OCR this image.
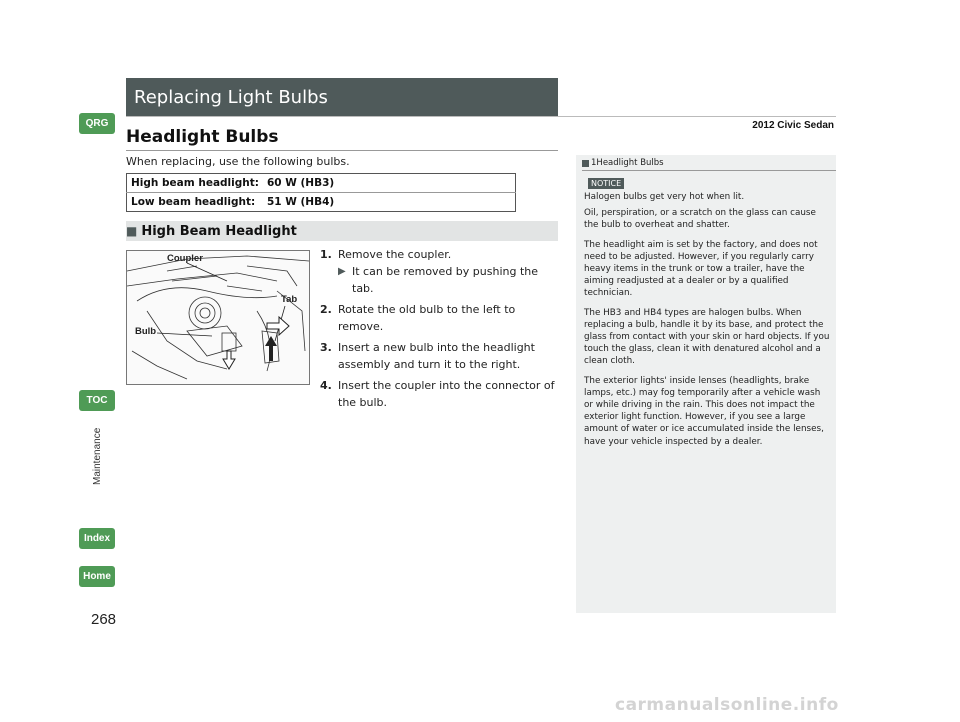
QRG
TOC
Maintenance
Index
Home
268
Replacing Light Bulbs
2012 Civic Sedan
Headlight Bulbs
When replacing, use the following bulbs.
High beam headlight:	60 W (HB3)
Low beam headlight:	51 W (HB4)
■ High Beam Headlight
Coupler
Tab
Bulb
1. Remove the coupler.
▶ It can be removed by pushing the tab.
2. Rotate the old bulb to the left to remove.
3. Insert a new bulb into the headlight assembly and turn it to the right.
4. Insert the coupler into the connector of the bulb.
1 Headlight Bulbs
NOTICE

Halogen bulbs get very hot when lit.

Oil, perspiration, or a scratch on the glass can cause the bulb to overheat and shatter.

The headlight aim is set by the factory, and does not need to be adjusted. However, if you regularly carry heavy items in the trunk or tow a trailer, have the aiming readjusted at a dealer or by a qualified technician.

The HB3 and HB4 types are halogen bulbs. When replacing a bulb, handle it by its base, and protect the glass from contact with your skin or hard objects. If you touch the glass, clean it with denatured alcohol and a clean cloth.

The exterior lights' inside lenses (headlights, brake lamps, etc.) may fog temporarily after a vehicle wash or while driving in the rain. This does not impact the exterior light function. However, if you see a large amount of water or ice accumulated inside the lenses, have your vehicle inspected by a dealer.

carmanualsonline.info
